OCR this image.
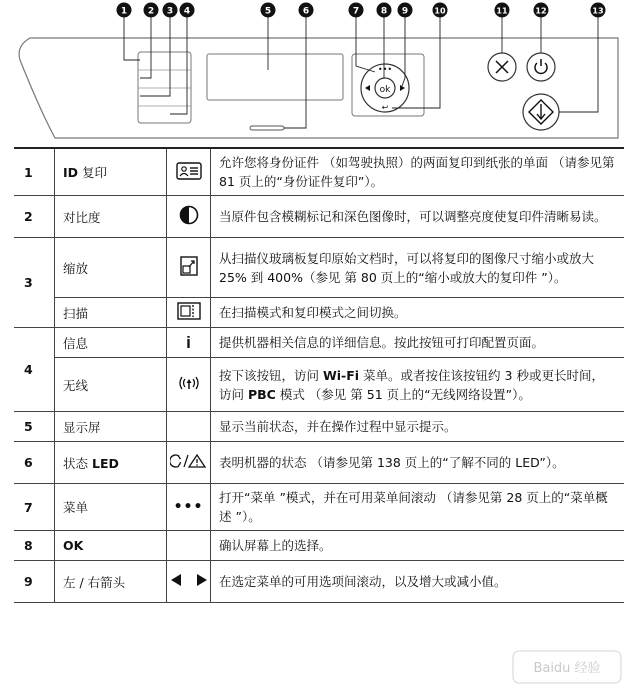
ok
•••
↩
1 2 3 4	5	6	7 8 9	10	11	12	13
1	ID 复印		允许您将身份证件 （如驾驶执照）的两面复印到纸张的单面 （请参见第 81 页上的“身份证件复印”）。
2	对比度		当原件包含模糊标记和深色图像时，可以调整亮度使复印件清晰易读。
3	缩放		从扫描仪玻璃板复印原始文档时，可以将复印的图像尺寸缩小或放大 25% 到 400%（参见 第 80 页上的“缩小或放大的复印件 ”）。
	扫描		在扫描模式和复印模式之间切换。
4	信息	i	提供机器相关信息的详细信息。按此按钮可打印配置页面。
	无线		按下该按钮，访问 Wi-Fi 菜单。或者按住该按钮约 3 秒或更长时间，访问 PBC 模式 （参见 第 51 页上的“无线网络设置”）。
5	显示屏		显示当前状态，并在操作过程中显示提示。
6	状态 LED		表明机器的状态 （请参见第 138 页上的“了解不同的 LED”）。
7	菜单	•••	打开“菜单 ”模式，并在可用菜单间滚动 （请参见第 28 页上的“菜单概述 ”）。
8	OK		确认屏幕上的选择。
9	左 / 右箭头		在选定菜单的可用选项间滚动，以及增大或减小值。
Baidu 经验
